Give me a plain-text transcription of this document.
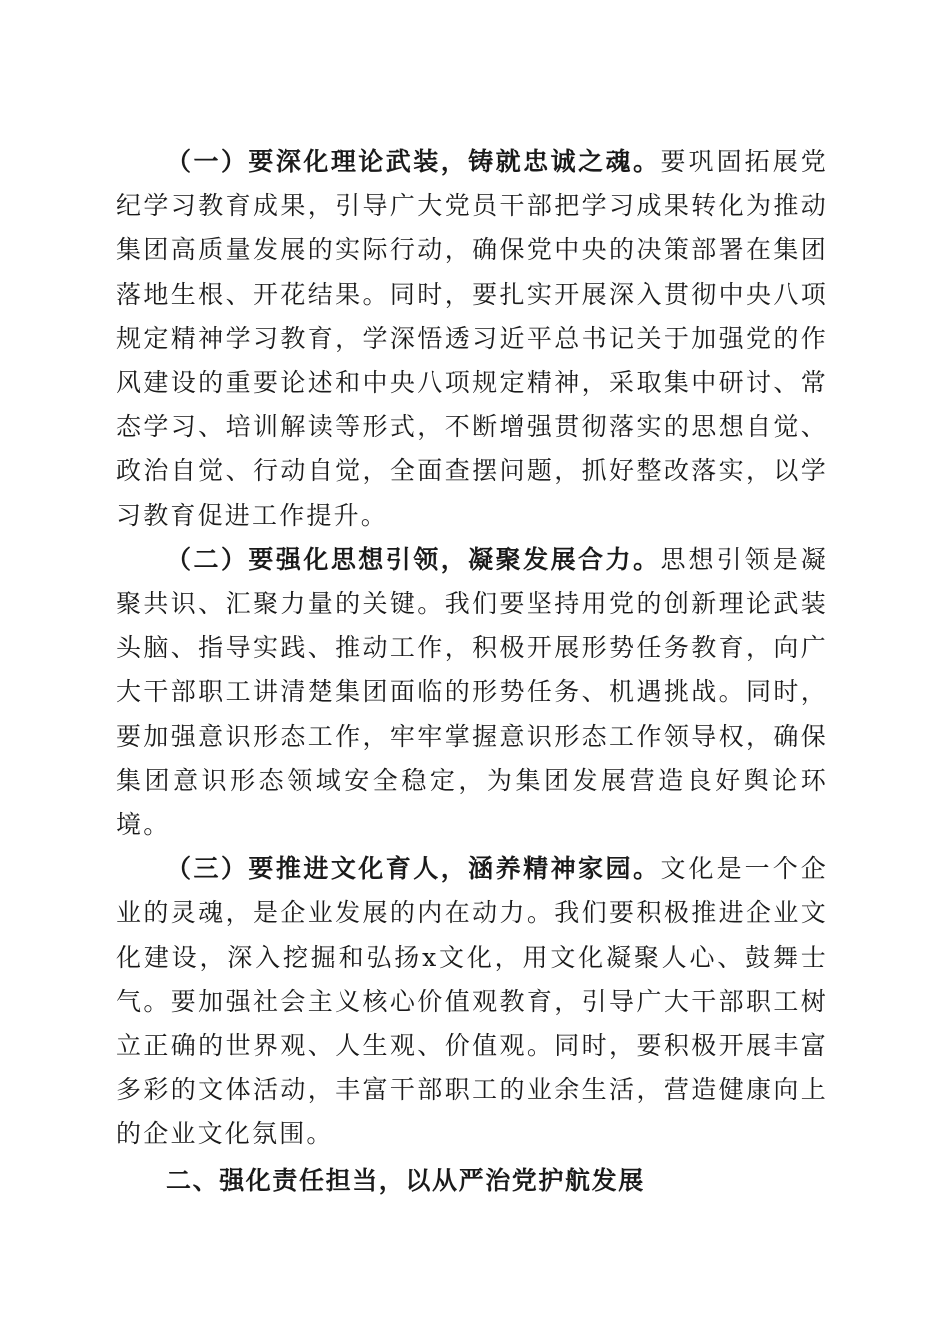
（一）要深化理论武装，铸就忠诚之魂。要巩固拓展党纪学习教育成果，引导广大党员干部把学习成果转化为推动集团高质量发展的实际行动，确保党中央的决策部署在集团落地生根、开花结果。同时，要扎实开展深入贯彻中央八项规定精神学习教育，学深悟透习近平总书记关于加强党的作风建设的重要论述和中央八项规定精神，采取集中研讨、常态学习、培训解读等形式，不断增强贯彻落实的思想自觉、政治自觉、行动自觉，全面查摆问题，抓好整改落实，以学习教育促进工作提升。

（二）要强化思想引领，凝聚发展合力。思想引领是凝聚共识、汇聚力量的关键。我们要坚持用党的创新理论武装头脑、指导实践、推动工作，积极开展形势任务教育，向广大干部职工讲清楚集团面临的形势任务、机遇挑战。同时，要加强意识形态工作，牢牢掌握意识形态工作领导权，确保集团意识形态领域安全稳定，为集团发展营造良好舆论环境。

（三）要推进文化育人，涵养精神家园。文化是一个企业的灵魂，是企业发展的内在动力。我们要积极推进企业文化建设，深入挖掘和弘扬x文化，用文化凝聚人心、鼓舞士气。要加强社会主义核心价值观教育，引导广大干部职工树立正确的世界观、人生观、价值观。同时，要积极开展丰富多彩的文体活动，丰富干部职工的业余生活，营造健康向上的企业文化氛围。

二、强化责任担当，以从严治党护航发展
